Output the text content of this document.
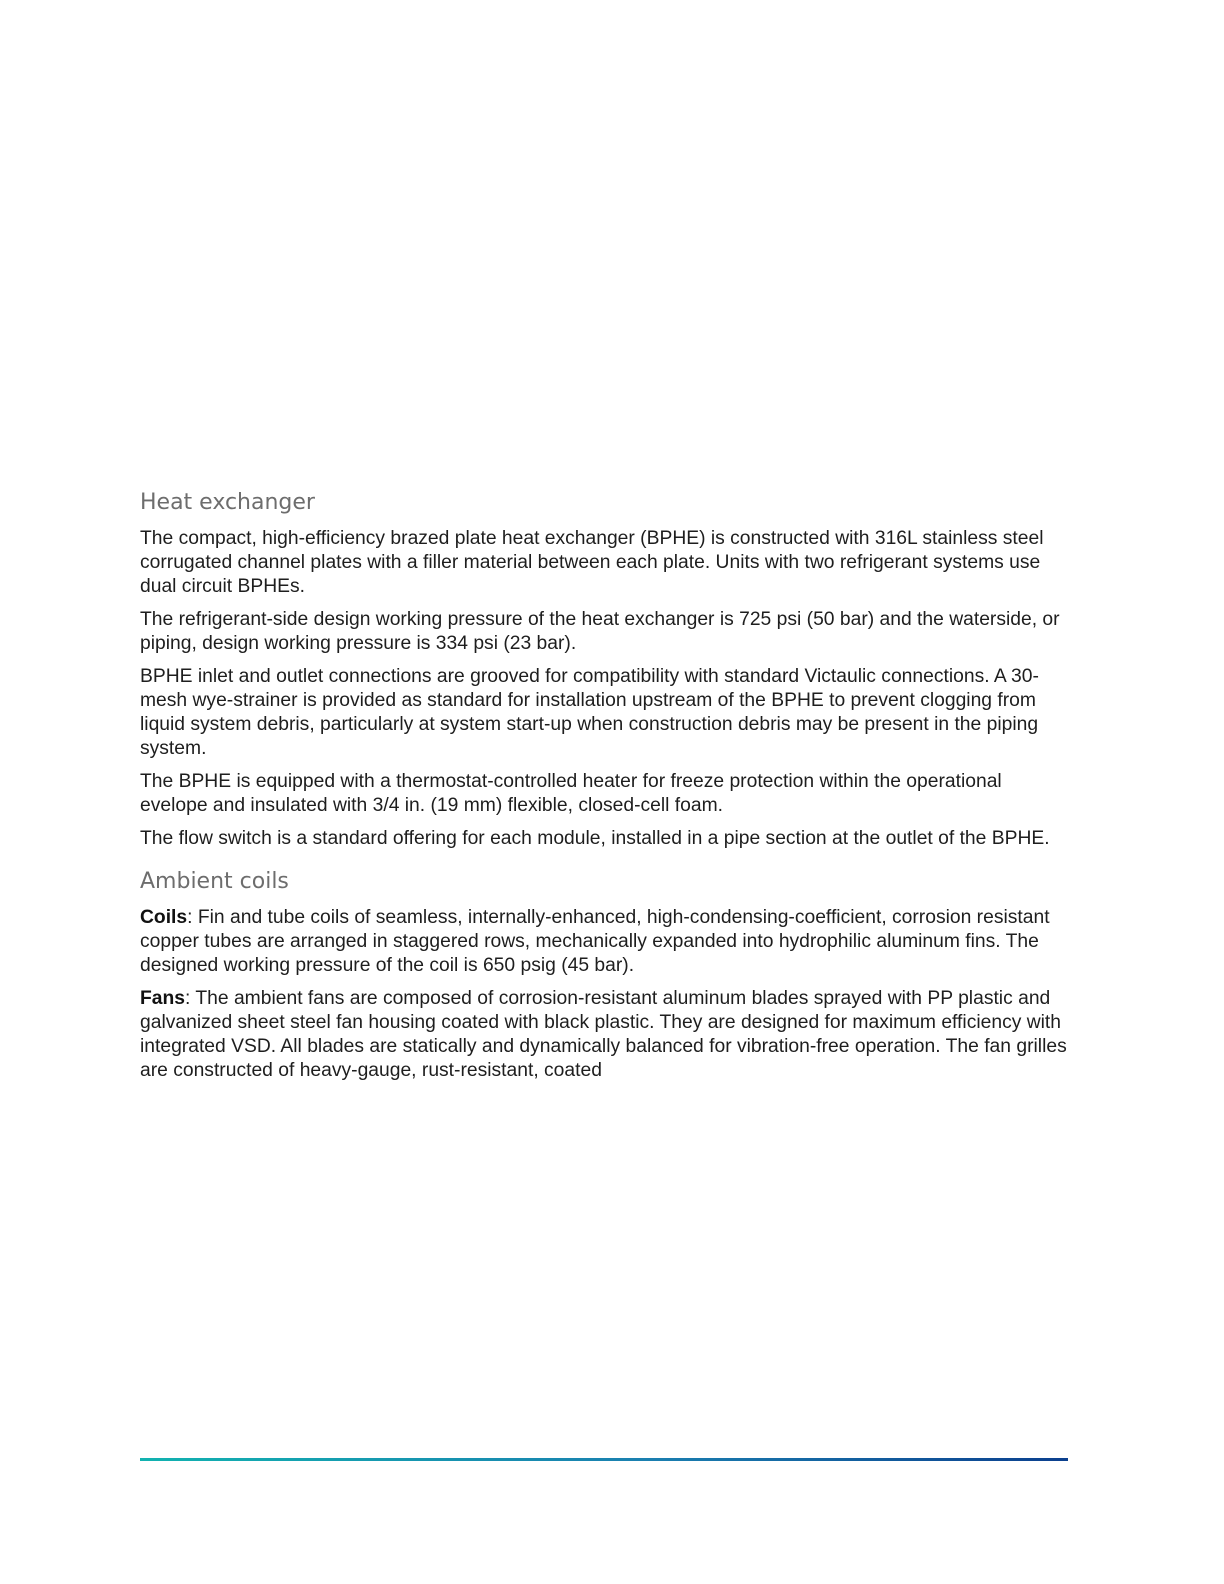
Heat exchanger

The compact, high-efficiency brazed plate heat exchanger (BPHE) is constructed with 316L stainless steel corrugated channel plates with a filler material between each plate. Units with two refrigerant systems use dual circuit BPHEs.

The refrigerant-side design working pressure of the heat exchanger is 725 psi (50 bar) and the waterside, or piping, design working pressure is 334 psi (23 bar).

BPHE inlet and outlet connections are grooved for compatibility with standard Victaulic connections. A 30-mesh wye-strainer is provided as standard for installation upstream of the BPHE to prevent clogging from liquid system debris, particularly at system start-up when construction debris may be present in the piping system.

The BPHE is equipped with a thermostat-controlled heater for freeze protection within the operational evelope and insulated with 3/4 in. (19 mm) flexible, closed-cell foam.

The flow switch is a standard offering for each module, installed in a pipe section at the outlet of the BPHE.

Ambient coils

Coils: Fin and tube coils of seamless, internally-enhanced, high-condensing-coefficient, corrosion resistant copper tubes are arranged in staggered rows, mechanically expanded into hydrophilic aluminum fins. The designed working pressure of the coil is 650 psig (45 bar).

Fans: The ambient fans are composed of corrosion-resistant aluminum blades sprayed with PP plastic and galvanized sheet steel fan housing coated with black plastic. They are designed for maximum efficiency with integrated VSD. All blades are statically and dynamically balanced for vibration-free operation. The fan grilles are constructed of heavy-gauge, rust-resistant, coated
